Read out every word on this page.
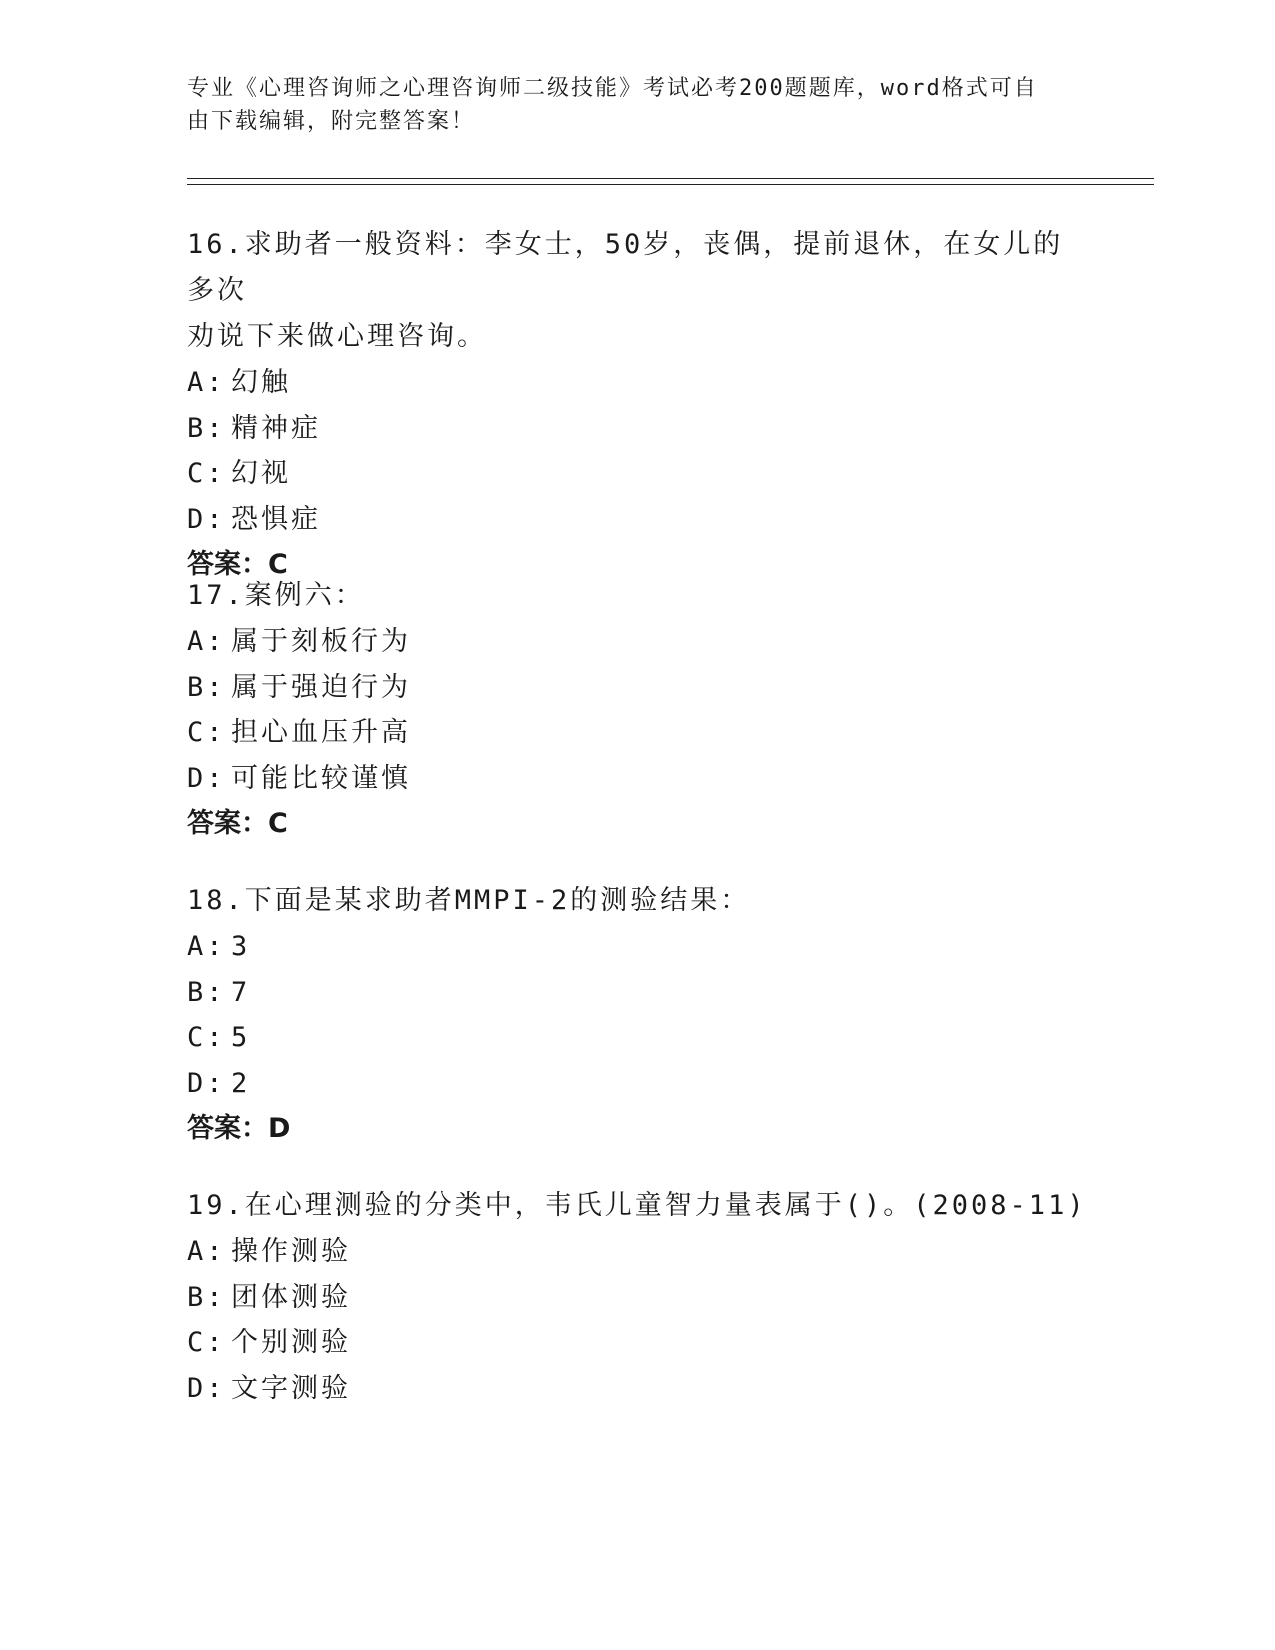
专业《心理咨询师之心理咨询师二级技能》考试必考200题题库，word格式可自
由下载编辑，附完整答案！

16.求助者一般资料：李女士，50岁，丧偶，提前退休，在女儿的多次

劝说下来做心理咨询。

A: 幻触

B: 精神症

C: 幻视

D: 恐惧症

答案：C

17.案例六：

A: 属于刻板行为

B: 属于强迫行为

C: 担心血压升高

D: 可能比较谨慎

答案：C

18.下面是某求助者MMPI-2的测验结果：

A: 3

B: 7

C: 5

D: 2

答案：D

19.在心理测验的分类中，韦氏儿童智力量表属于()。(2008-11)

A: 操作测验

B: 团体测验

C: 个别测验

D: 文字测验
